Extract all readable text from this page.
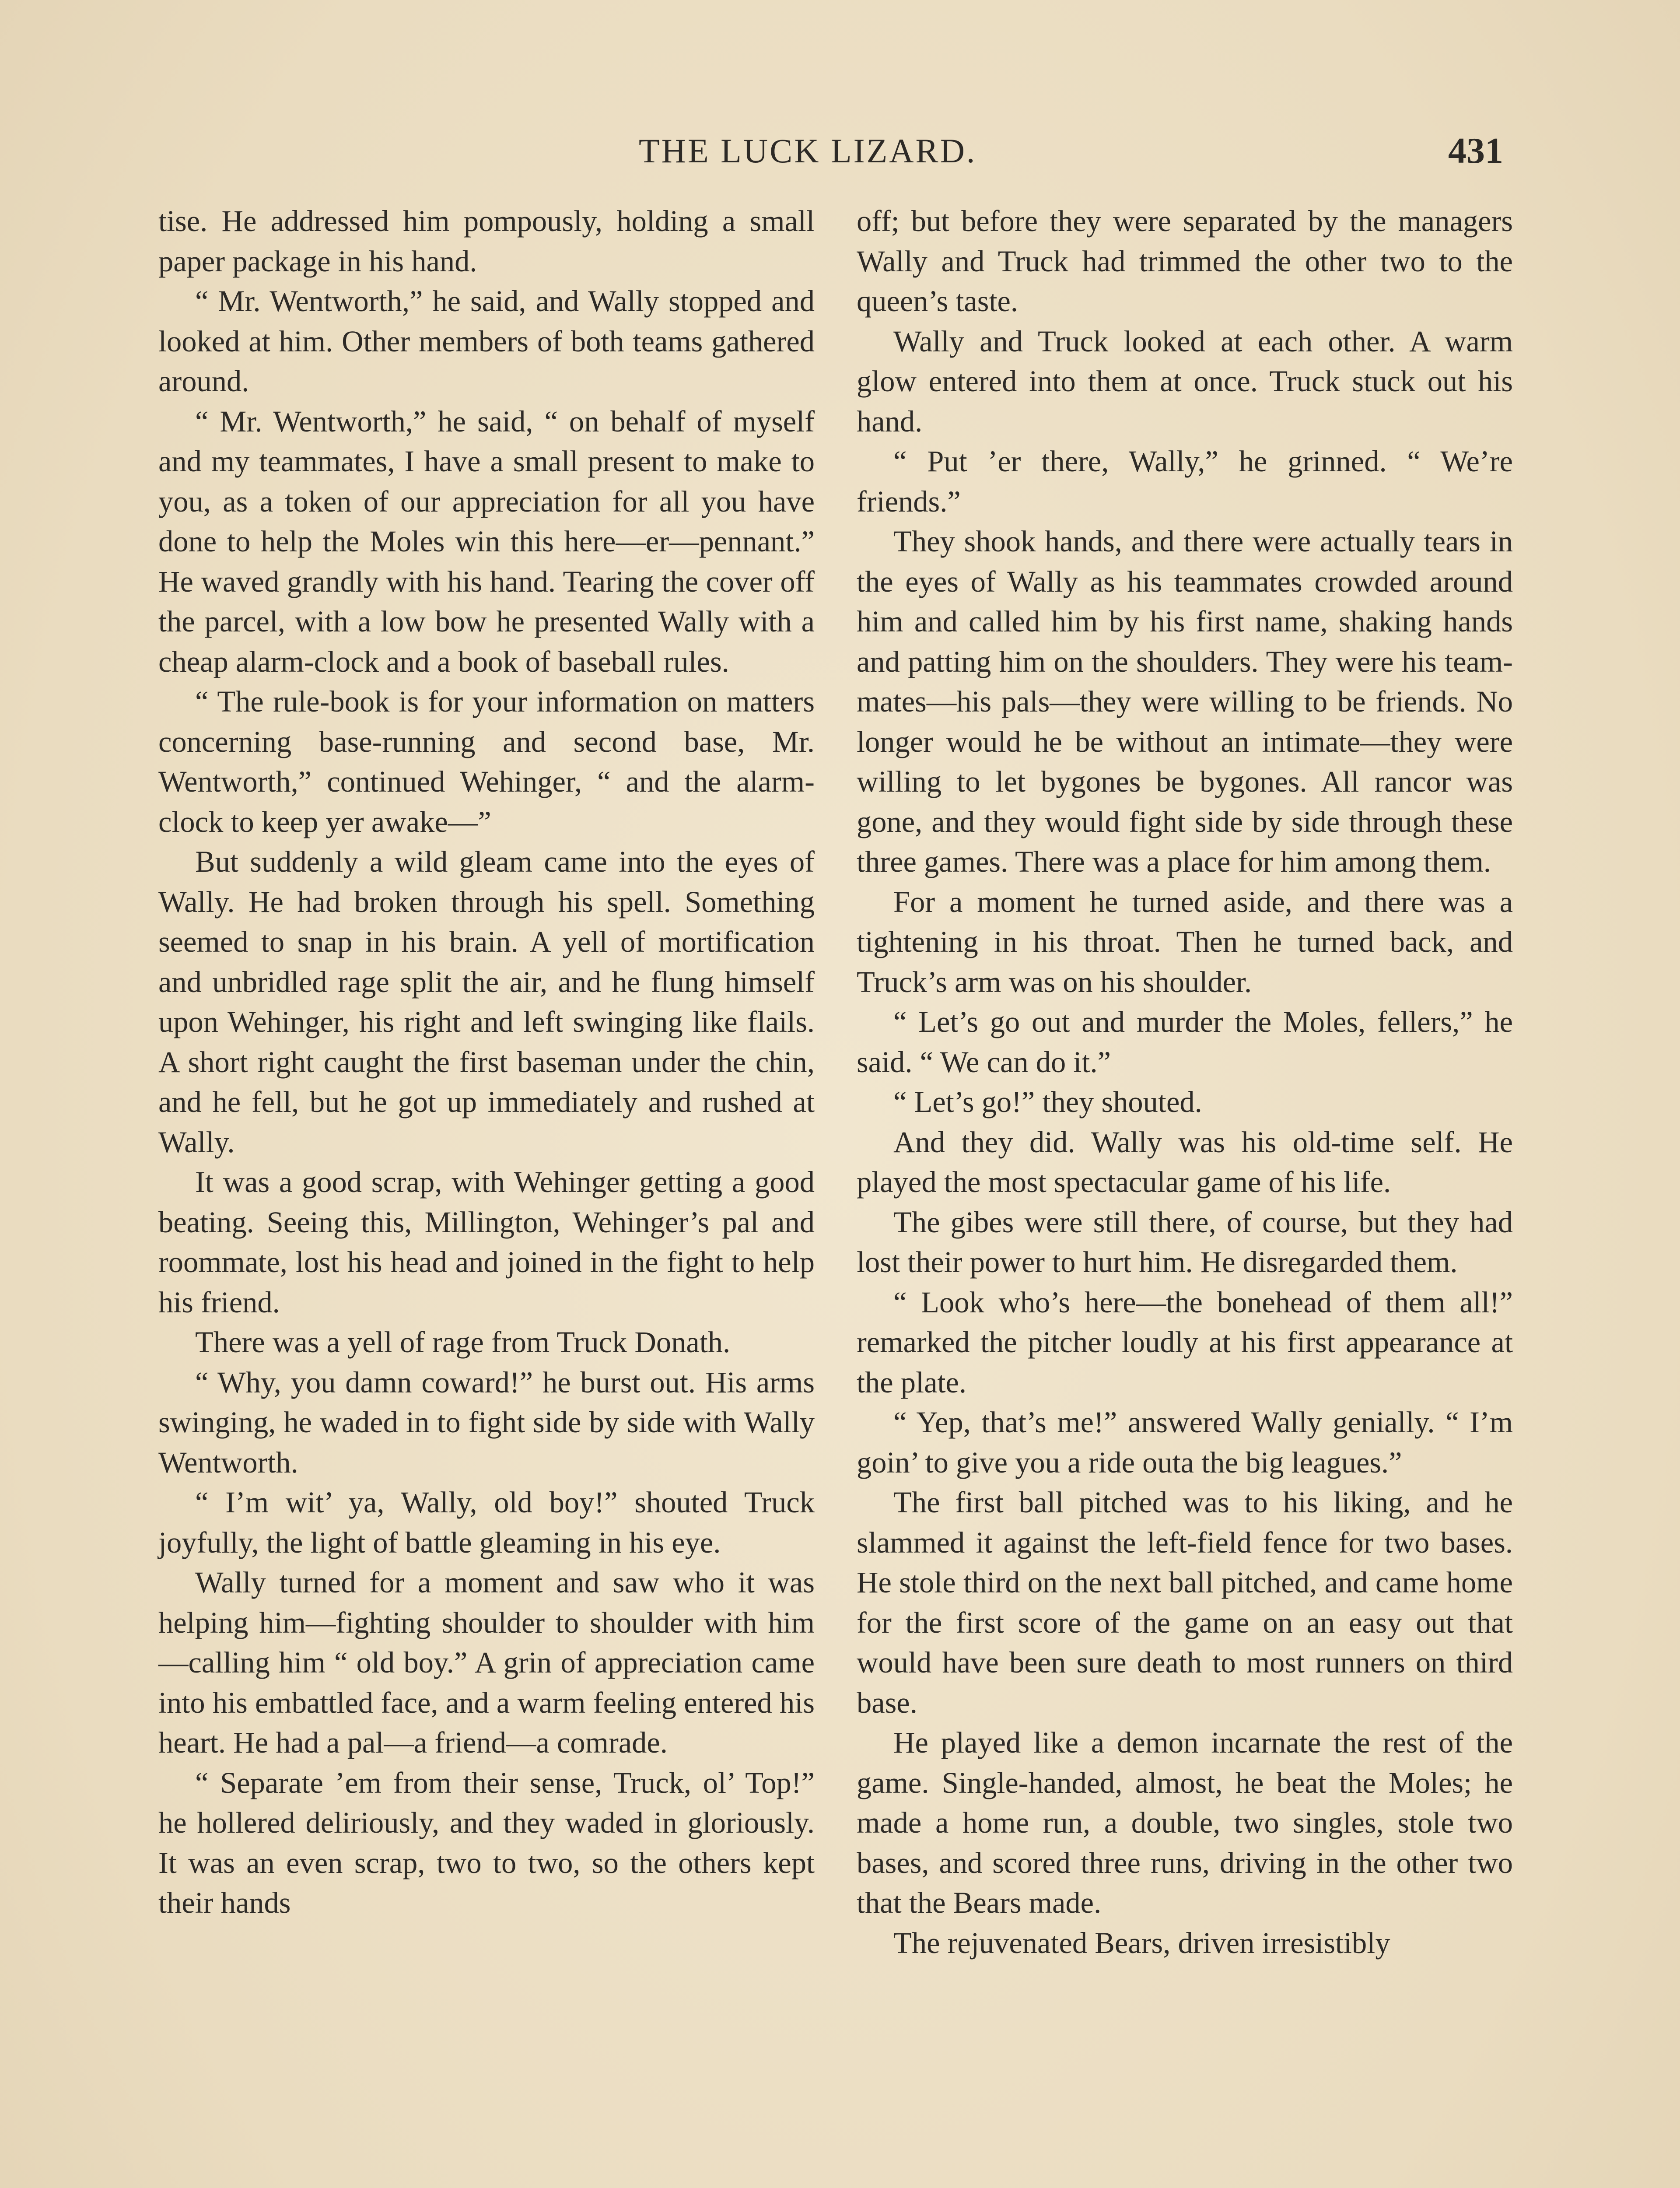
THE LUCK LIZARD.	431

tise. He addressed him pompously, holding a small paper package in his hand.

“ Mr. Wentworth,” he said, and Wally stopped and looked at him. Other members of both teams gathered around.

“ Mr. Wentworth,” he said, “ on behalf of myself and my teammates, I have a small present to make to you, as a token of our appreciation for all you have done to help the Moles win this here—er—pennant.” He waved grandly with his hand. Tearing the cover off the parcel, with a low bow he presented Wally with a cheap alarm-clock and a book of baseball rules.

“ The rule-book is for your information on matters concerning base-running and second base, Mr. Wentworth,” continued Wehinger, “ and the alarm-clock to keep yer awake—”

But suddenly a wild gleam came into the eyes of Wally. He had broken through his spell. Something seemed to snap in his brain. A yell of mortification and unbridled rage split the air, and he flung himself upon Wehinger, his right and left swinging like flails. A short right caught the first baseman under the chin, and he fell, but he got up immediately and rushed at Wally.

It was a good scrap, with Wehinger getting a good beating. Seeing this, Millington, Wehinger’s pal and roommate, lost his head and joined in the fight to help his friend.

There was a yell of rage from Truck Donath.

“ Why, you damn coward!” he burst out. His arms swinging, he waded in to fight side by side with Wally Wentworth.

“ I’m wit’ ya, Wally, old boy!” shouted Truck joyfully, the light of battle gleaming in his eye.

Wally turned for a moment and saw who it was helping him—fighting shoulder to shoulder with him—calling him “ old boy.” A grin of appreciation came into his embattled face, and a warm feeling entered his heart. He had a pal—a friend—a comrade.

“ Separate ’em from their sense, Truck, ol’ Top!” he hollered deliriously, and they waded in gloriously. It was an even scrap, two to two, so the others kept their hands

off; but before they were separated by the managers Wally and Truck had trimmed the other two to the queen’s taste.

Wally and Truck looked at each other. A warm glow entered into them at once. Truck stuck out his hand.

“ Put ’er there, Wally,” he grinned. “ We’re friends.”

They shook hands, and there were actually tears in the eyes of Wally as his teammates crowded around him and called him by his first name, shaking hands and patting him on the shoulders. They were his team-mates—his pals—they were willing to be friends. No longer would he be without an intimate—they were willing to let bygones be bygones. All rancor was gone, and they would fight side by side through these three games. There was a place for him among them.

For a moment he turned aside, and there was a tightening in his throat. Then he turned back, and Truck’s arm was on his shoulder.

“ Let’s go out and murder the Moles, fellers,” he said. “ We can do it.”

“ Let’s go!” they shouted.

And they did. Wally was his old-time self. He played the most spectacular game of his life.

The gibes were still there, of course, but they had lost their power to hurt him. He disregarded them.

“ Look who’s here—the bonehead of them all!” remarked the pitcher loudly at his first appearance at the plate.

“ Yep, that’s me!” answered Wally genially. “ I’m goin’ to give you a ride outa the big leagues.”

The first ball pitched was to his liking, and he slammed it against the left-field fence for two bases. He stole third on the next ball pitched, and came home for the first score of the game on an easy out that would have been sure death to most runners on third base.

He played like a demon incarnate the rest of the game. Single-handed, almost, he beat the Moles; he made a home run, a double, two singles, stole two bases, and scored three runs, driving in the other two that the Bears made.

The rejuvenated Bears, driven irresistibly
